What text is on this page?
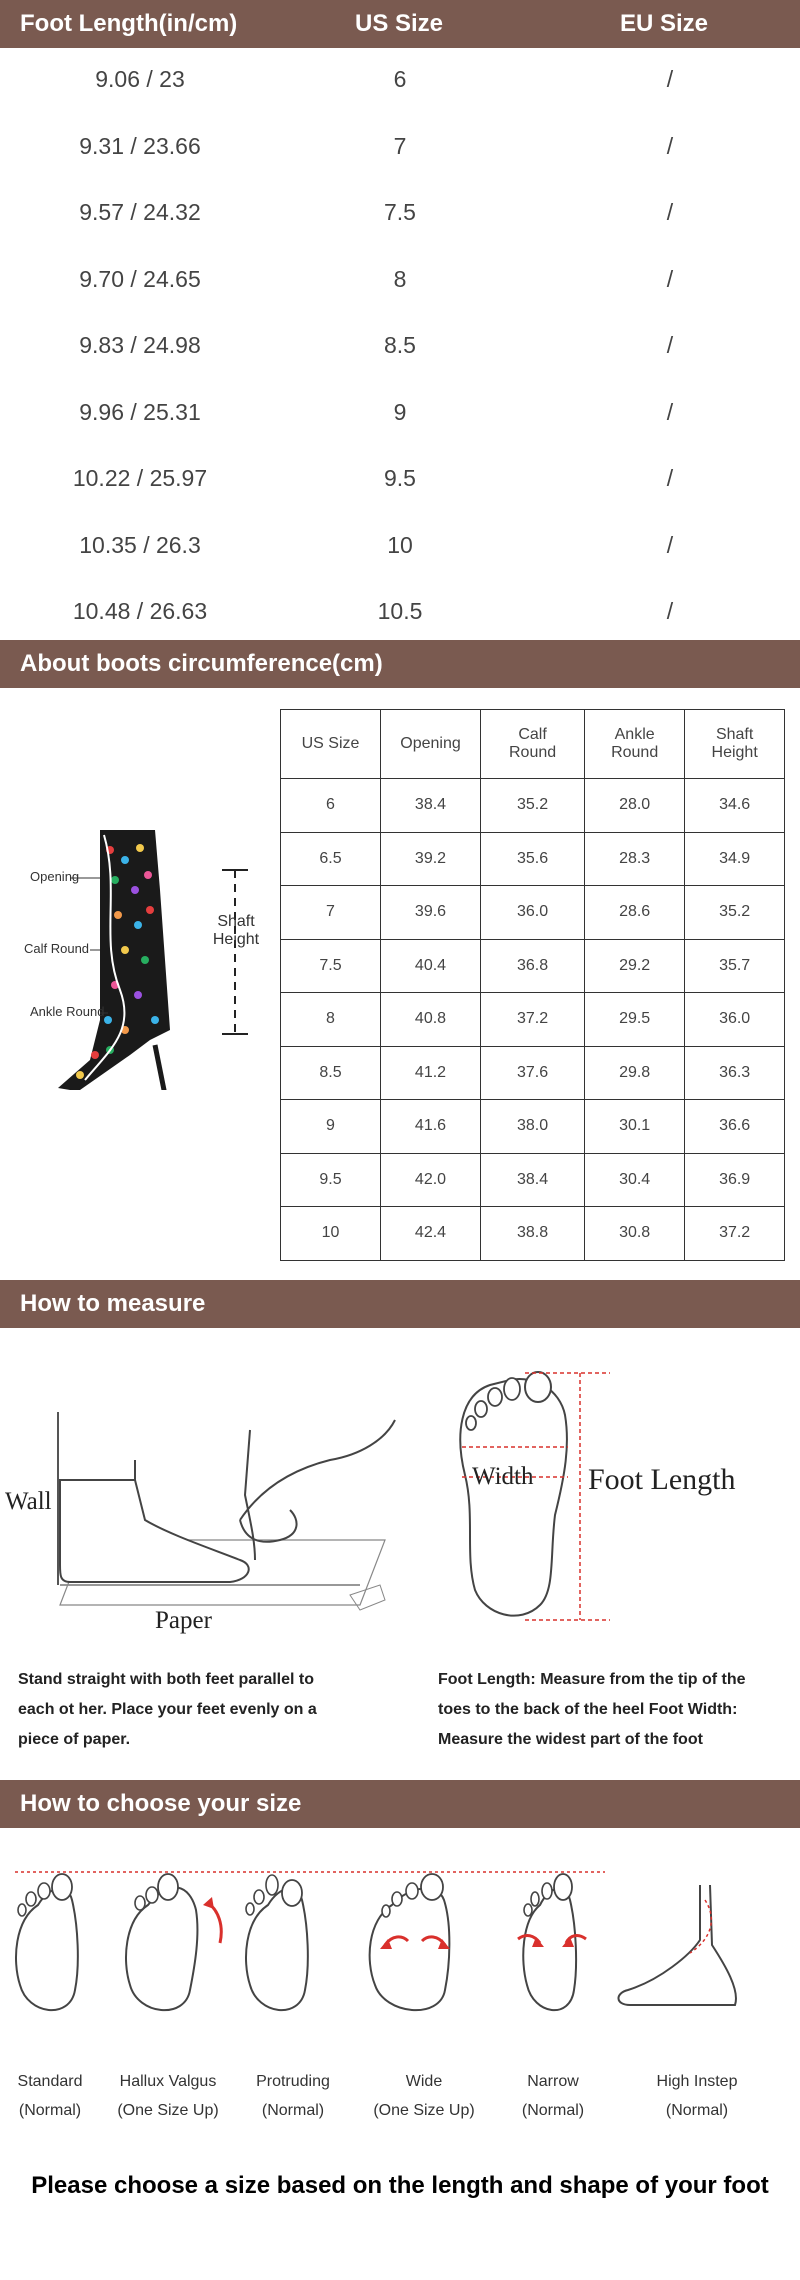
Foot Length(in/cm)	US Size	EU Size
9.06 / 23	6	/
9.31 / 23.66	7	/
9.57 / 24.32	7.5	/
9.70 / 24.65	8	/
9.83 / 24.98	8.5	/
9.96 / 25.31	9	/
10.22 / 25.97	9.5	/
10.35 / 26.3	10	/
10.48 / 26.63	10.5	/
About boots circumference(cm)
Opening
Calf Round
Ankle Round
Shaft Height
US Size	Opening	Calf Round	Ankle Round	Shaft Height
6	38.4	35.2	28.0	34.6
6.5	39.2	35.6	28.3	34.9
7	39.6	36.0	28.6	35.2
7.5	40.4	36.8	29.2	35.7
8	40.8	37.2	29.5	36.0
8.5	41.2	37.6	29.8	36.3
9	41.6	38.0	30.1	36.6
9.5	42.0	38.4	30.4	36.9
10	42.4	38.8	30.8	37.2
How to measure
Wall
Paper
Width Foot Length
Stand straight with both feet parallel to each ot her. Place your feet evenly on a piece of paper.
Foot Length: Measure from the tip of the toes to the back of the heel Foot Width: Measure the widest part of the foot
How to choose your size
Standard
(Normal)
Hallux Valgus
(One Size Up)
Protruding
(Normal)
Wide
(One Size Up)
Narrow
(Normal)
High Instep
(Normal)
Please choose a size based on the length and shape of your foot
